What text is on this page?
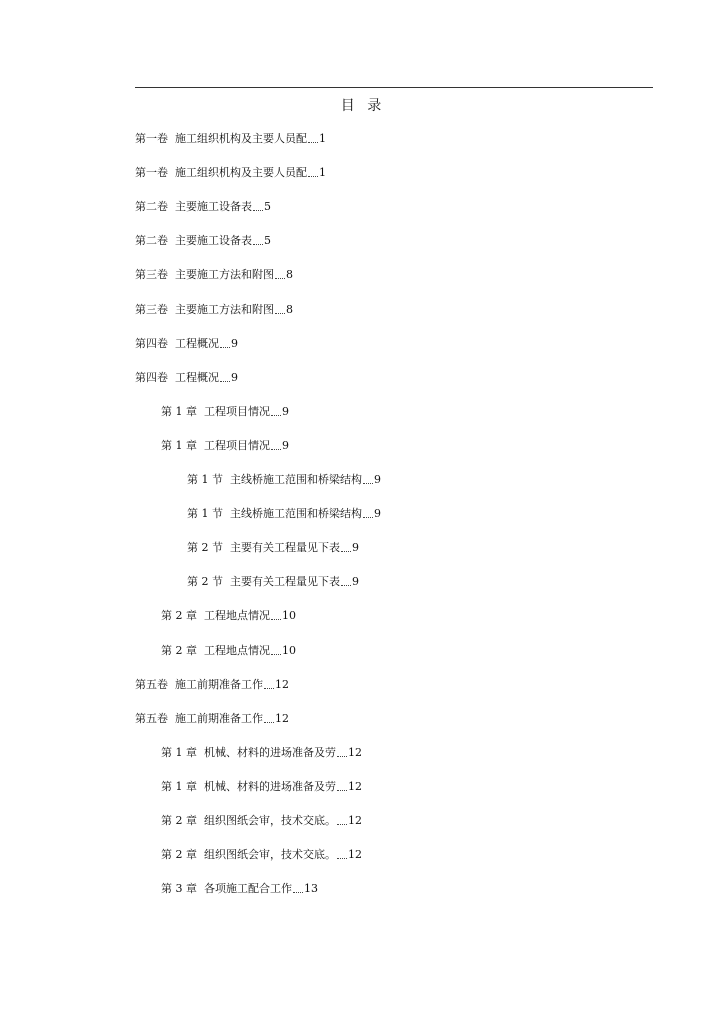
目 录
第一卷 施工组织机构及主要人员配 1
第一卷 施工组织机构及主要人员配 1
第二卷 主要施工设备表 5
第二卷 主要施工设备表 5
第三卷 主要施工方法和附图 8
第三卷 主要施工方法和附图 8
第四卷 工程概况 9
第四卷 工程概况 9
第 1 章 工程项目情况 9
第 1 章 工程项目情况 9
第 1 节 主线桥施工范围和桥梁结构 9
第 1 节 主线桥施工范围和桥梁结构 9
第 2 节 主要有关工程量见下表 9
第 2 节 主要有关工程量见下表 9
第 2 章 工程地点情况 10
第 2 章 工程地点情况 10
第五卷 施工前期准备工作 12
第五卷 施工前期准备工作 12
第 1 章 机械、材料的进场准备及劳 12
第 1 章 机械、材料的进场准备及劳 12
第 2 章 组织图纸会审，技术交底。 12
第 2 章 组织图纸会审，技术交底。 12
第 3 章 各项施工配合工作 13
